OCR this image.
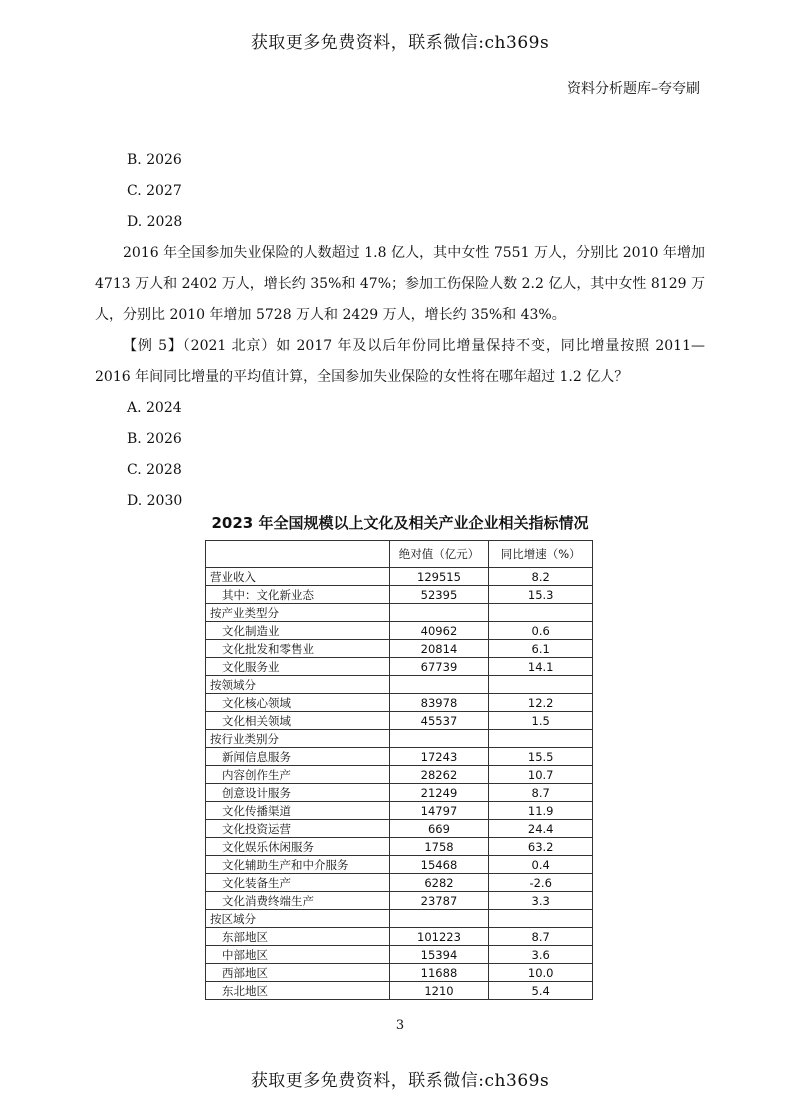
获取更多免费资料，联系微信:ch369s
资料分析题库–夸夸刷

B. 2026

C. 2027

D. 2028

2016 年全国参加失业保险的人数超过 1.8 亿人，其中女性 7551 万人，分别比 2010 年增加 4713 万人和 2402 万人，增长约 35%和 47%；参加工伤保险人数 2.2 亿人，其中女性 8129 万人，分别比 2010 年增加 5728 万人和 2429 万人，增长约 35%和 43%。

【例 5】（2021 北京）如 2017 年及以后年份同比增量保持不变，同比增量按照 2011—2016 年间同比增量的平均值计算，全国参加失业保险的女性将在哪年超过 1.2 亿人？

A. 2024

B. 2026

C. 2028

D. 2030

2023 年全国规模以上文化及相关产业企业相关指标情况
	绝对值（亿元）	同比增速（%）
营业收入	129515	8.2
其中：文化新业态	52395	15.3
按产业类型分		
文化制造业	40962	0.6
文化批发和零售业	20814	6.1
文化服务业	67739	14.1
按领域分		
文化核心领域	83978	12.2
文化相关领域	45537	1.5
按行业类别分		
新闻信息服务	17243	15.5
内容创作生产	28262	10.7
创意设计服务	21249	8.7
文化传播渠道	14797	11.9
文化投资运营	669	24.4
文化娱乐休闲服务	1758	63.2
文化辅助生产和中介服务	15468	0.4
文化装备生产	6282	-2.6
文化消费终端生产	23787	3.3
按区域分		
东部地区	101223	8.7
中部地区	15394	3.6
西部地区	11688	10.0
东北地区	1210	5.4
3
获取更多免费资料，联系微信:ch369s
